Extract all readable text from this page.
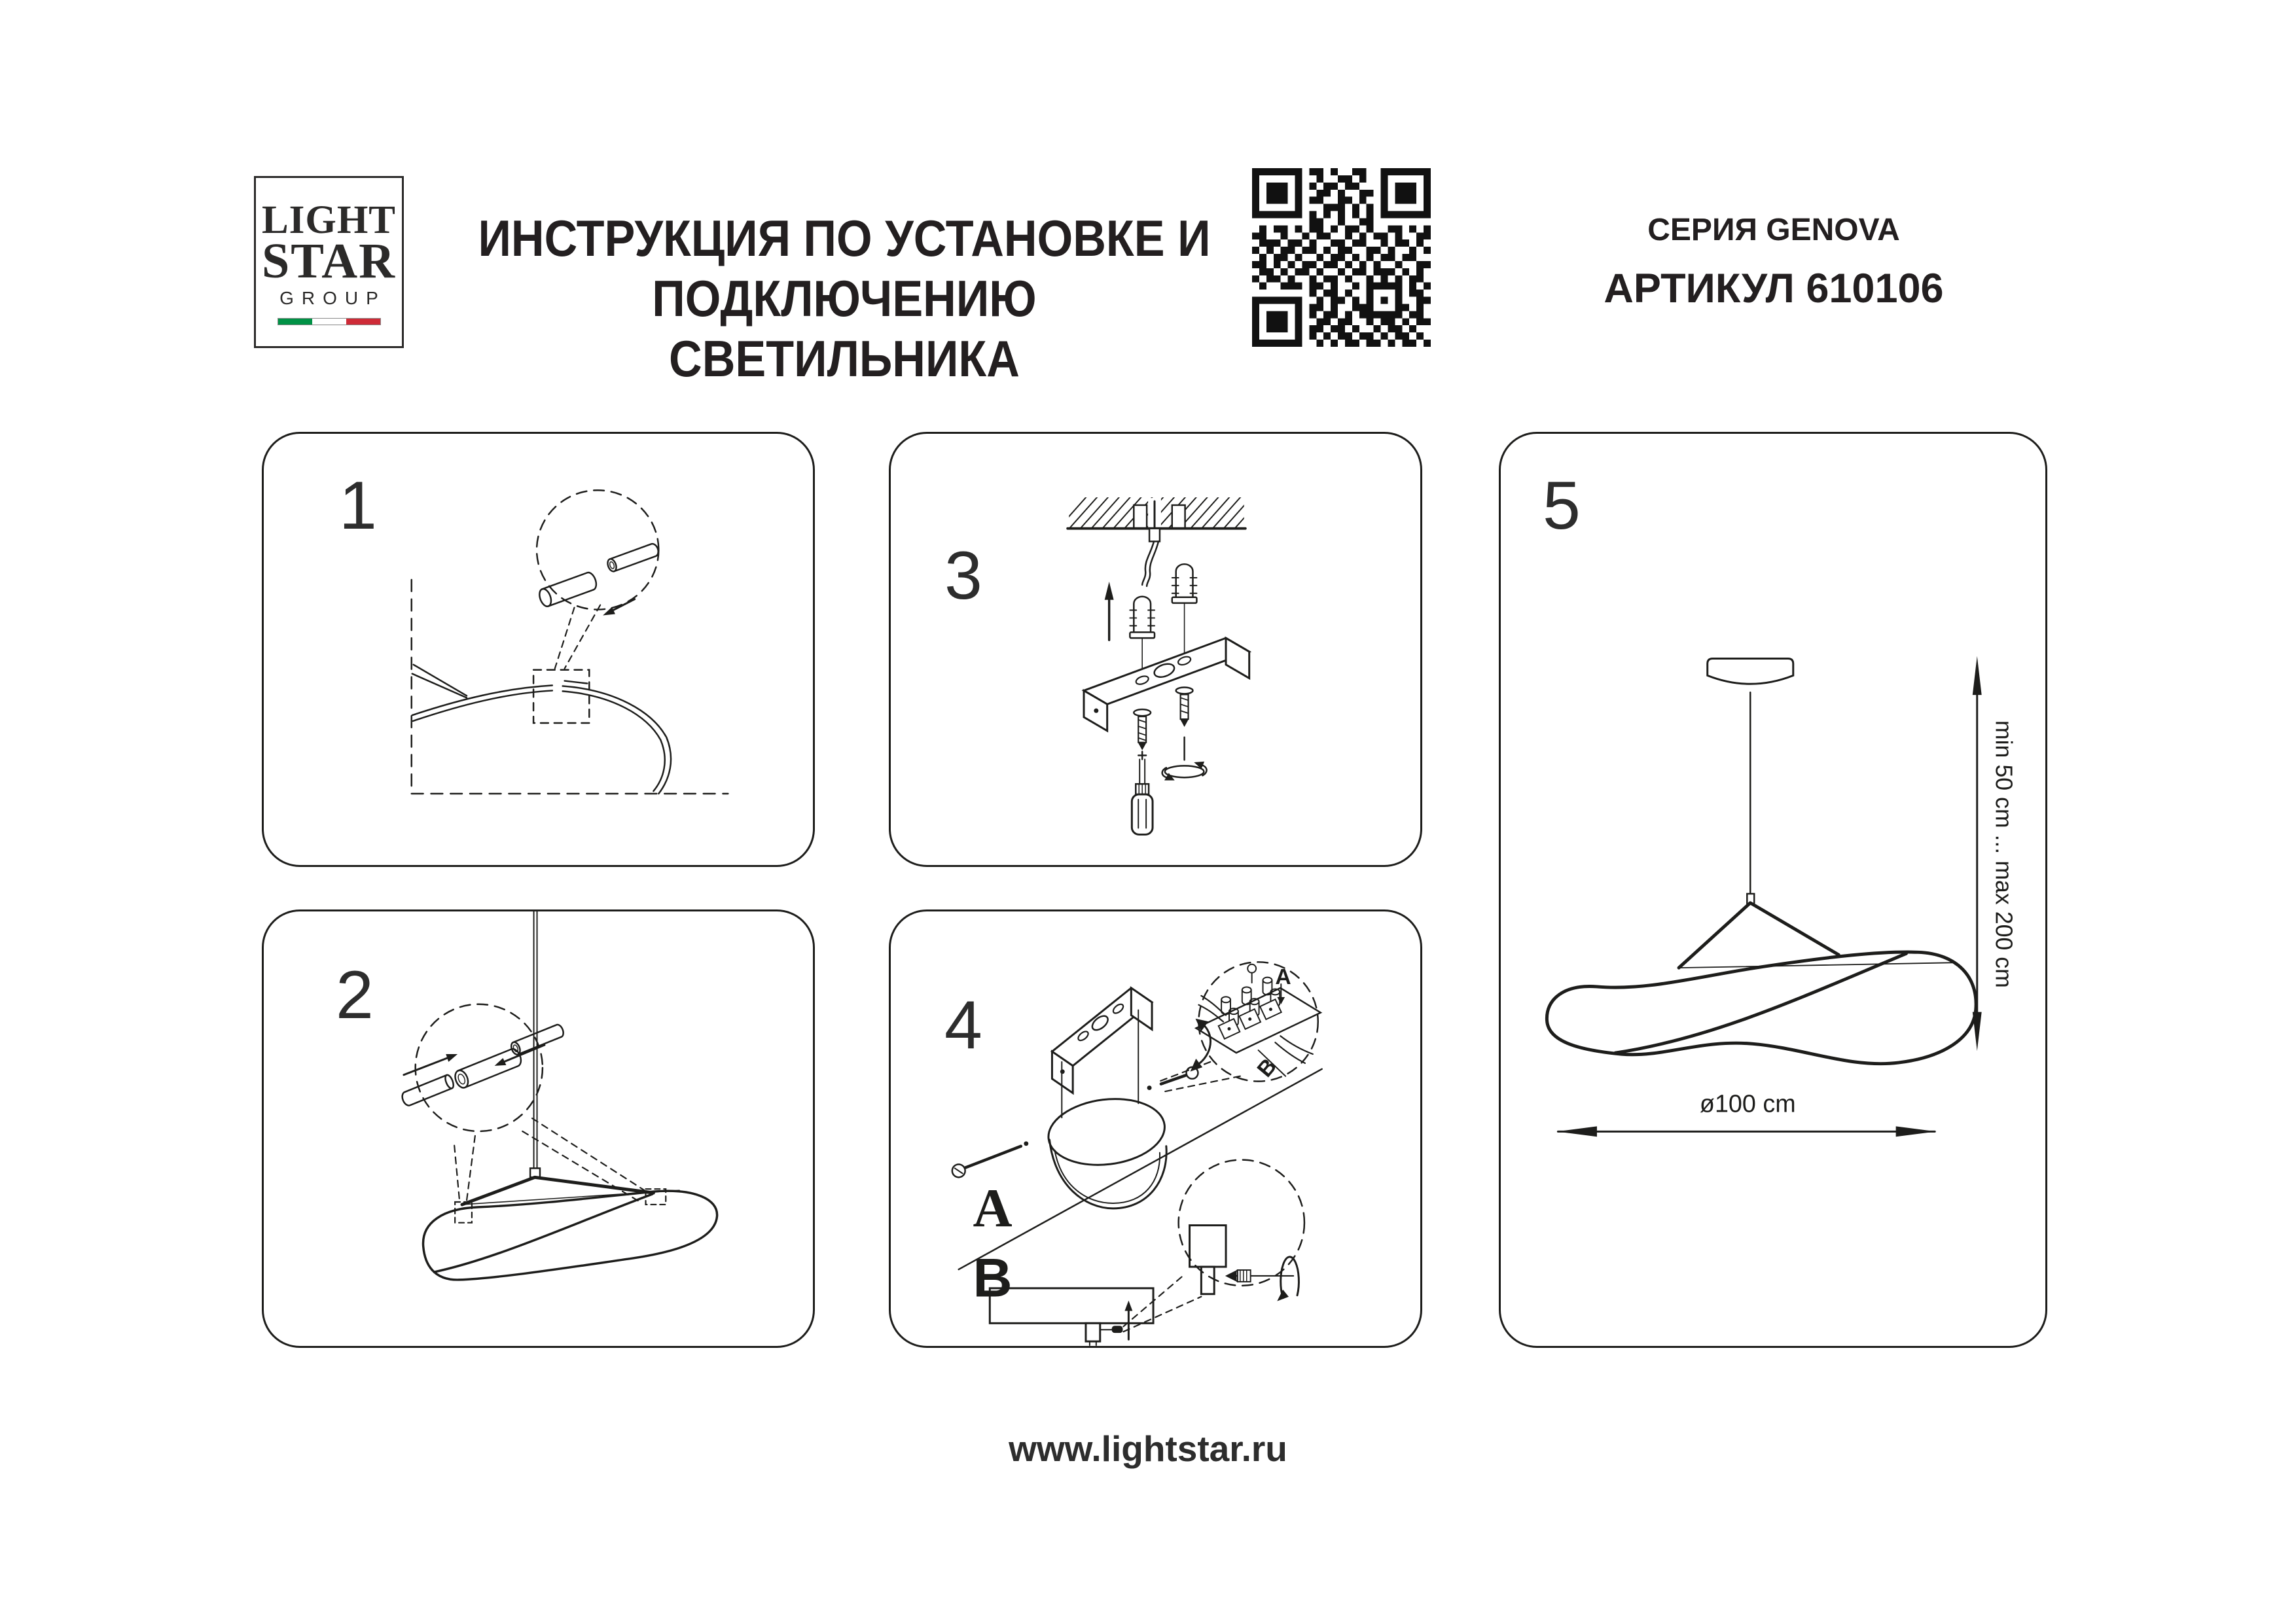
LIGHT
STAR
GROUP
ИНСТРУКЦИЯ ПО УСТАНОВКЕ И
ПОДКЛЮЧЕНИЮ СВЕТИЛЬНИКА
СЕРИЯ GENOVA
АРТИКУЛ 610106
1
2
3
4
A
B
A
B
5
min 50 cm ... max 200 cm
ø100 cm
www.lightstar.ru
